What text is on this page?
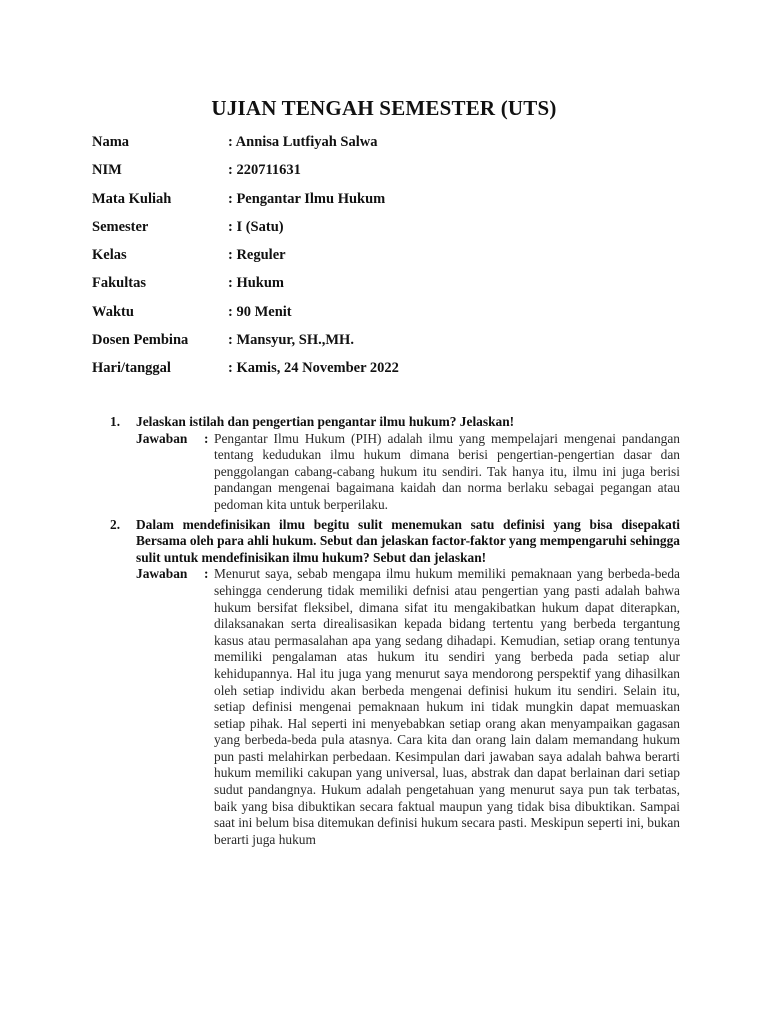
UJIAN TENGAH SEMESTER (UTS)
Nama	: Annisa Lutfiyah Salwa
NIM	: 220711631
Mata Kuliah	: Pengantar Ilmu Hukum
Semester	: I (Satu)
Kelas	: Reguler
Fakultas	: Hukum
Waktu	: 90 Menit
Dosen Pembina	: Mansyur, SH.,MH.
Hari/tanggal	: Kamis, 24 November 2022
1.	Jelaskan istilah dan pengertian pengantar ilmu hukum? Jelaskan!
Jawaban	: Pengantar Ilmu Hukum (PIH) adalah ilmu yang mempelajari mengenai pandangan tentang kedudukan ilmu hukum dimana berisi pengertian-pengertian dasar dan penggolangan cabang-cabang hukum itu sendiri. Tak hanya itu, ilmu ini juga berisi pandangan mengenai bagaimana kaidah dan norma berlaku sebagai pegangan atau pedoman kita untuk berperilaku.
2.	Dalam mendefinisikan ilmu begitu sulit menemukan satu definisi yang bisa disepakati Bersama oleh para ahli hukum. Sebut dan jelaskan factor-faktor yang mempengaruhi sehingga sulit untuk mendefinisikan ilmu hukum? Sebut dan jelaskan!
Jawaban	: Menurut saya, sebab mengapa ilmu hukum memiliki pemaknaan yang berbeda-beda sehingga cenderung tidak memiliki defnisi atau pengertian yang pasti adalah bahwa hukum bersifat fleksibel, dimana sifat itu mengakibatkan hukum dapat diterapkan, dilaksanakan serta direalisasikan kepada bidang tertentu yang berbeda tergantung kasus atau permasalahan apa yang sedang dihadapi. Kemudian, setiap orang tentunya memiliki pengalaman atas hukum itu sendiri yang berbeda pada setiap alur kehidupannya. Hal itu juga yang menurut saya mendorong perspektif yang dihasilkan oleh setiap individu akan berbeda mengenai definisi hukum itu sendiri. Selain itu, setiap definisi mengenai pemaknaan hukum ini tidak mungkin dapat memuaskan setiap pihak. Hal seperti ini menyebabkan setiap orang akan menyampaikan gagasan yang berbeda-beda pula atasnya. Cara kita dan orang lain dalam memandang hukum pun pasti melahirkan perbedaan. Kesimpulan dari jawaban saya adalah bahwa berarti hukum memiliki cakupan yang universal, luas, abstrak dan dapat berlainan dari setiap sudut pandangnya. Hukum adalah pengetahuan yang menurut saya pun tak terbatas, baik yang bisa dibuktikan secara faktual maupun yang tidak bisa dibuktikan. Sampai saat ini belum bisa ditemukan definisi hukum secara pasti. Meskipun seperti ini, bukan berarti juga hukum
